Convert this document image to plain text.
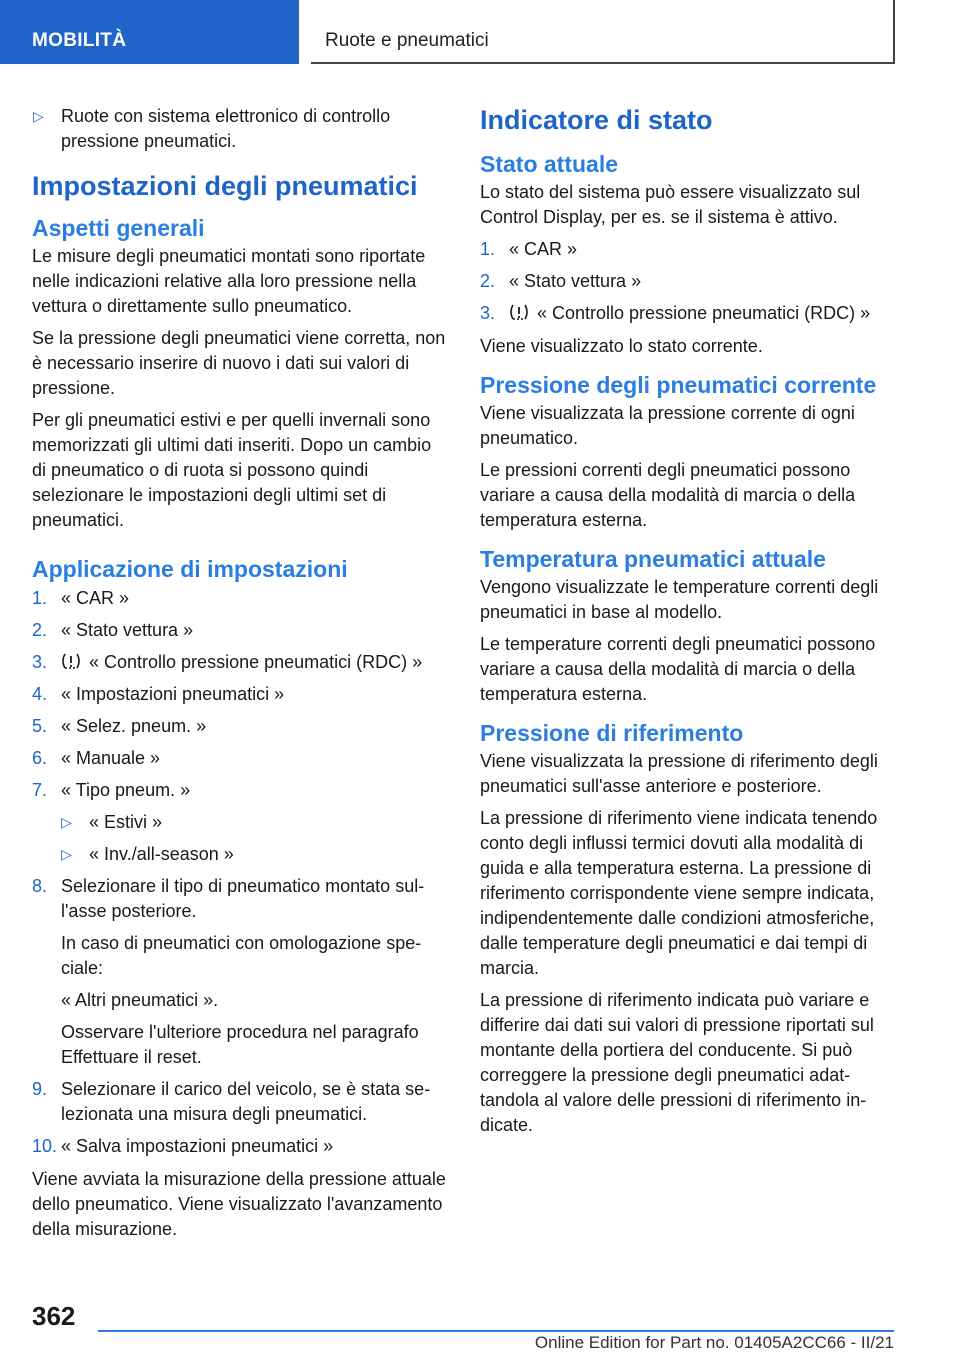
MOBILITÀ	Ruote e pneumatici
▷ Ruote con sistema elettronico di controllo pressione pneumatici.
Impostazioni degli pneumatici
Aspetti generali

Le misure degli pneumatici montati sono riportate nelle indicazioni relative alla loro pressione nella vettura o direttamente sullo pneumatico.

Se la pressione degli pneumatici viene corretta, non è necessario inserire di nuovo i dati sui valori di pressione.

Per gli pneumatici estivi e per quelli invernali sono memorizzati gli ultimi dati inseriti. Dopo un cambio di pneumatico o di ruota si possono quindi selezionare le impostazioni degli ultimi set di pneumatici.

Applicazione di impostazioni
1. « CAR »
2. « Stato vettura »
3. « Controllo pressione pneumatici (RDC) »
4. « Impostazioni pneumatici »
5. « Selez. pneum. »
6. « Manuale »
7. « Tipo pneum. »
▷ « Estivi »
▷ « Inv./all-season »
8. Selezionare il tipo di pneumatico montato sull'asse posteriore.

In caso di pneumatici con omologazione speciale:

« Altri pneumatici ».

Osservare l'ulteriore procedura nel paragrafo Effettuare il reset.

9. Selezionare il carico del veicolo, se è stata selezionata una misura degli pneumatici.
10. « Salva impostazioni pneumatici »

Viene avviata la misurazione della pressione attuale dello pneumatico. Viene visualizzato l'avanzamento della misurazione.

Indicatore di stato
Stato attuale

Lo stato del sistema può essere visualizzato sul Control Display, per es. se il sistema è attivo.

1. « CAR »
2. « Stato vettura »
3. « Controllo pressione pneumatici (RDC) »

Viene visualizzato lo stato corrente.

Pressione degli pneumatici corrente

Viene visualizzata la pressione corrente di ogni pneumatico.

Le pressioni correnti degli pneumatici possono variare a causa della modalità di marcia o della temperatura esterna.

Temperatura pneumatici attuale

Vengono visualizzate le temperature correnti degli pneumatici in base al modello.

Le temperature correnti degli pneumatici possono variare a causa della modalità di marcia o della temperatura esterna.

Pressione di riferimento

Viene visualizzata la pressione di riferimento degli pneumatici sull'asse anteriore e posteriore.

La pressione di riferimento viene indicata tenendo conto degli influssi termici dovuti alla modalità di guida e alla temperatura esterna. La pressione di riferimento corrispondente viene sempre indicata, indipendentemente dalle condizioni atmosferiche, dalle temperature degli pneumatici e dai tempi di marcia.

La pressione di riferimento indicata può variare e differire dai dati sui valori di pressione riportati sul montante della portiera del conducente. Si può correggere la pressione degli pneumatici adattandola al valore delle pressioni di riferimento indicate.

362
Online Edition for Part no. 01405A2CC66 - II/21
